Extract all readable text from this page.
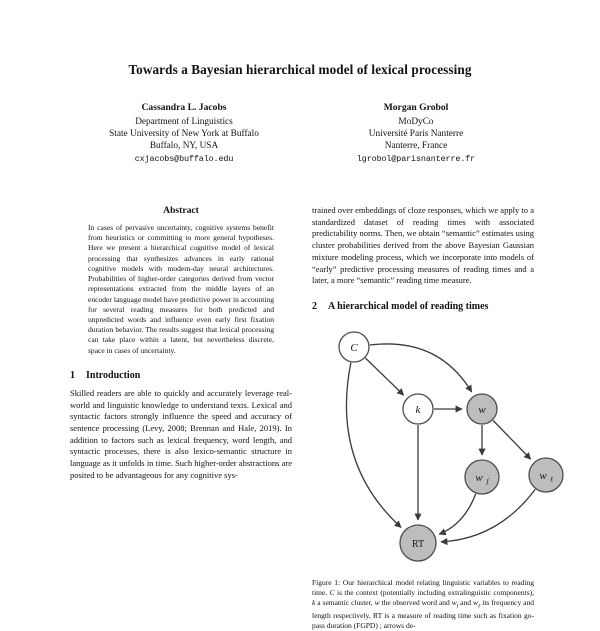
Towards a Bayesian hierarchical model of lexical processing
Cassandra L. Jacobs
Department of Linguistics
State University of New York at Buffalo
Buffalo, NY, USA
cxjacobs@buffalo.edu
Morgan Grobol
MoDyCo
Université Paris Nanterre
Nanterre, France
lgrobol@parisnanterre.fr
Abstract
In cases of pervasive uncertainty, cognitive systems benefit from heuristics or committing to more general hypotheses. Here we present a hierarchical cognitive model of lexical processing that synthesizes advances in early rational cognitive models with modern-day neural architectures. Probabilities of higher-order categories derived from vector representations extracted from the middle layers of an encoder language model have predictive power in accounting for several reading measures for both predicted and unpredicted words and influence even early first fixation duration behavior. The results suggest that lexical processing can take place within a latent, but nevertheless discrete, space in cases of uncertainty.
1	Introduction

Skilled readers are able to quickly and accurately leverage real-world and linguistic knowledge to understand texts. Lexical and syntactic factors strongly influence the speed and accuracy of sentence processing (Levy, 2008; Brennan and Hale, 2019). In addition to factors such as lexical frequency, word length, and syntactic processes, there is also lexico-semantic structure in language as it unfolds in time. Such higher-order abstractions are posited to be advantageous for any cognitive sys-

trained over embeddings of cloze responses, which we apply to a standardized dataset of reading times with associated predictability norms. Then, we obtain “semantic” estimates using cluster probabilities derived from the above Bayesian Gaussian mixture modeling process, which we incorporate into models of “early” predictive processing measures of reading times and a later, a more “semantic” reading time measure.

2	A hierarchical model of reading times
C
k	w
w f	w ℓ
RT

Figure 1: Our hierarchical model relating linguistic variables to reading time. C is the context (potentially including extralinguistic components), k a semantic cluster, w the observed word and $w_f$ and $w_\ell$ its frequency and length respectively, RT is a measure of reading time such as fixation go-pass duration (FGPD) ; arrows de-
